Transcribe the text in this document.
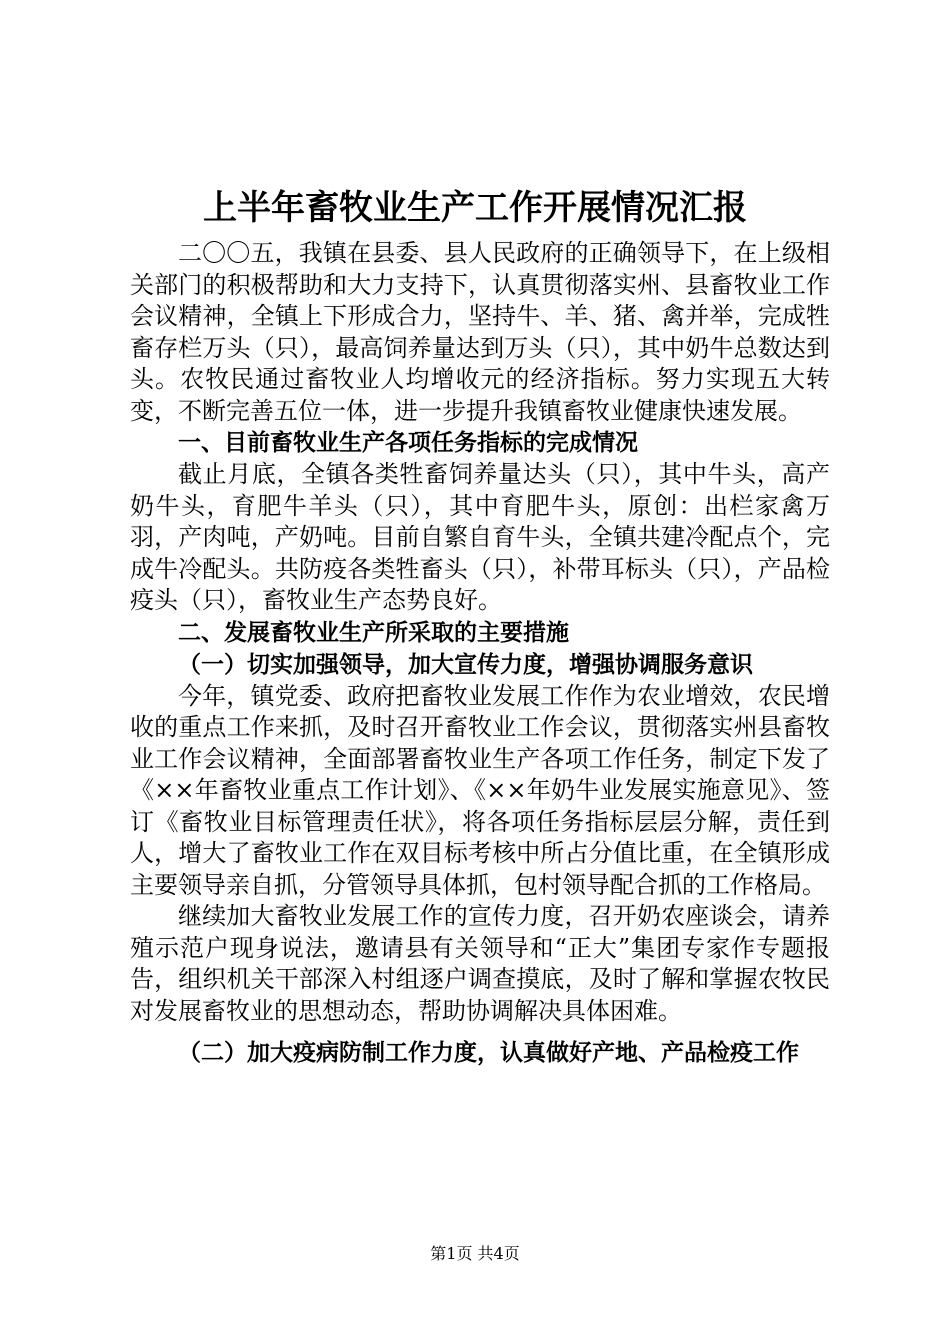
上半年畜牧业生产工作开展情况汇报

二〇〇五，我镇在县委、县人民政府的正确领导下，在上级相关部门的积极帮助和大力支持下，认真贯彻落实州、县畜牧业工作会议精神，全镇上下形成合力，坚持牛、羊、猪、禽并举，完成牲畜存栏万头（只），最高饲养量达到万头（只），其中奶牛总数达到头。农牧民通过畜牧业人均增收元的经济指标。努力实现五大转变，不断完善五位一体，进一步提升我镇畜牧业健康快速发展。

一、目前畜牧业生产各项任务指标的完成情况

截止月底，全镇各类牲畜饲养量达头（只），其中牛头，高产奶牛头，育肥牛羊头（只），其中育肥牛头，原创：出栏家禽万羽，产肉吨，产奶吨。目前自繁自育牛头，全镇共建冷配点个，完成牛冷配头。共防疫各类牲畜头（只），补带耳标头（只），产品检疫头（只），畜牧业生产态势良好。

二、发展畜牧业生产所采取的主要措施

（一）切实加强领导，加大宣传力度，增强协调服务意识

今年，镇党委、政府把畜牧业发展工作作为农业增效，农民增收的重点工作来抓，及时召开畜牧业工作会议，贯彻落实州县畜牧业工作会议精神，全面部署畜牧业生产各项工作任务，制定下发了《××年畜牧业重点工作计划》、《××年奶牛业发展实施意见》、签订《畜牧业目标管理责任状》，将各项任务指标层层分解，责任到人，增大了畜牧业工作在双目标考核中所占分值比重，在全镇形成主要领导亲自抓，分管领导具体抓，包村领导配合抓的工作格局。

继续加大畜牧业发展工作的宣传力度，召开奶农座谈会，请养殖示范户现身说法，邀请县有关领导和“正大”集团专家作专题报告，组织机关干部深入村组逐户调查摸底，及时了解和掌握农牧民对发展畜牧业的思想动态，帮助协调解决具体困难。

（二）加大疫病防制工作力度，认真做好产地、产品检疫工作

第1页 共4页
